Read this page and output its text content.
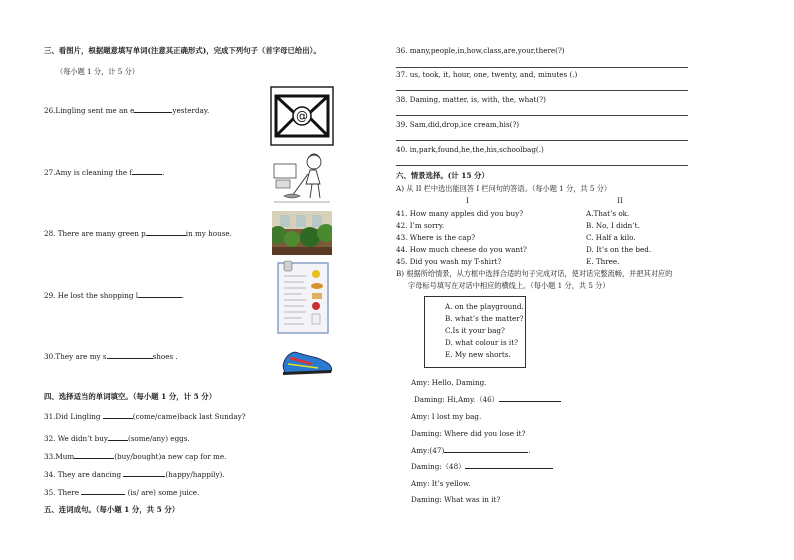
三、看图片，根据题意填写单词(注意其正确形式)，完成下列句子（首字母已给出）。
（每小题 1 分，计 5 分）
26.Lingling sent me an e	yesterday.
27.Amy is cleaning the f	.
28. There are many green p	in my house.
29. He lost the shopping l	.
30.They are my s	shoes .
@
四、选择适当的单词填空。（每小题 1 分，计 5 分）
31.Did Lingling	(come/came)back last Sunday?
32. We didn’t buy	(some/any) eggs.
33.Mum	(buy/bought)a new cap for me.
34. They are dancing	(happy/happily).
35. There	(is/ are) some juice.
五、连词成句。（每小题 1 分，共 5 分）
36. many,people,in,how,class,are,your,there(?)
37. us, took, it, hour, one, twenty, and, minutes (.)
38. Daming, matter, is, with, the, what(?)
39. Sam,did,drop,ice cream,his(?)
40. in,park,found,he,the,his,schoolbag(.)
六、情景选择。(计 15 分）
A) 从 II 栏中选出能回答 I 栏问句的答语。（每小题 1 分，共 5 分）
I	II
41. How many apples did you buy?	A.That’s ok.
42. I’m sorry.	B. No, I didn’t.
43. Where is the cap?	C. Half a kilo.
44. How much cheese do you want?	D. It’s on the bed.
45. Did you wash my T-shirt?	E. Three.
B) 根据所给情景，从方框中选择合适的句子完成对话，使对话完整流畅，并把其对应的
字母标号填写在对话中相应的横线上。（每小题 1 分，共 5 分）
A. on the playground.
B. what’s the matter?
C.Is it your bag?
D. what colour is it?
E. My new shorts.
Amy: Hello, Daming.
Daming: Hi,Amy.（46）
Amy: I lost my bag.
Daming: Where did you lose it?
Amy:(47)	.
Daming:（48）
Amy: It’s yellow.
Daming: What was in it?
